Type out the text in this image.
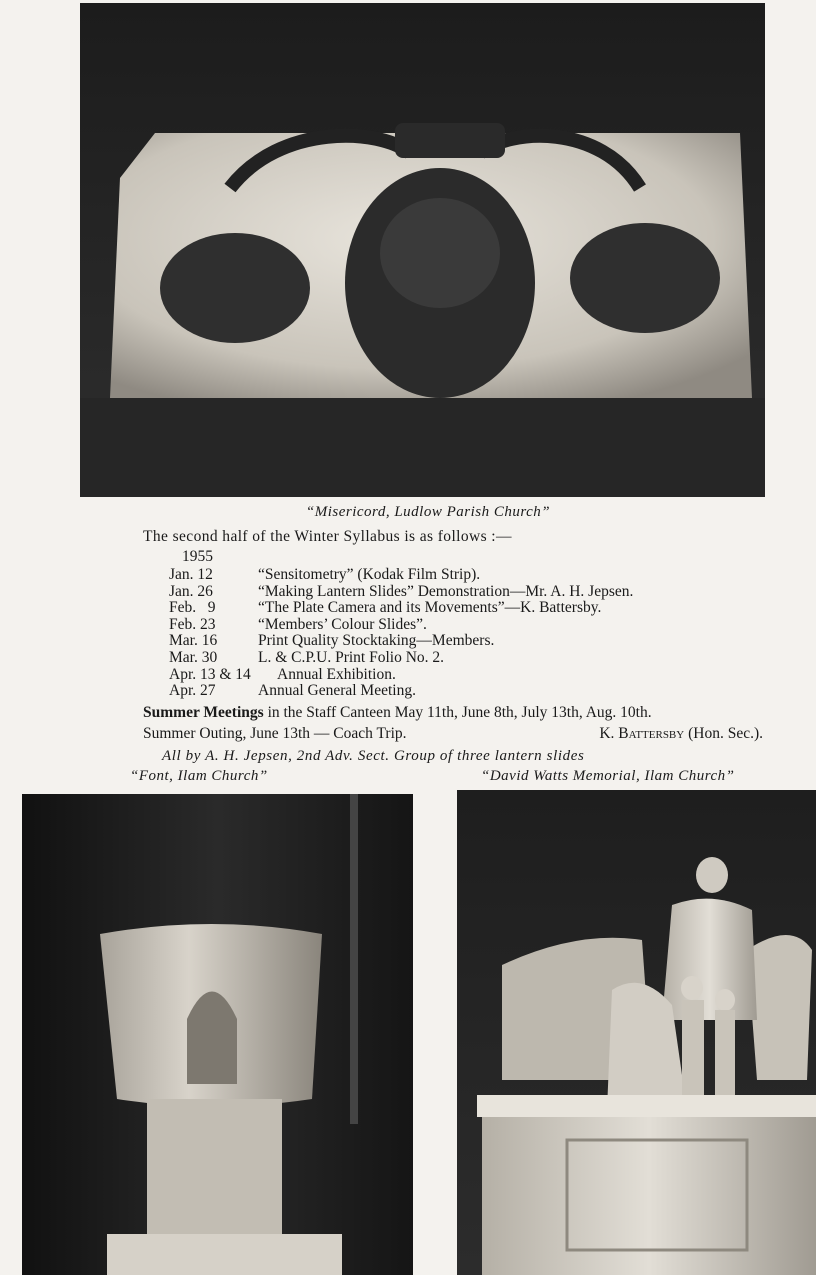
“Misericord, Ludlow Parish Church”
The second half of the Winter Syllabus is as follows :—
1955
Jan. 12	“Sensitometry” (Kodak Film Strip).
Jan. 26	“Making Lantern Slides” Demonstration—Mr. A. H. Jepsen.
Feb.   9	“The Plate Camera and its Movements”—K. Battersby.
Feb. 23	“Members’ Colour Slides”.
Mar. 16	Print Quality Stocktaking—Members.
Mar. 30	L. & C.P.U. Print Folio No. 2.
Apr. 13 & 14 Annual Exhibition.
Apr. 27	Annual General Meeting.
Summer Meetings in the Staff Canteen May 11th, June 8th, July 13th, Aug. 10th.
Summer Outing, June 13th — Coach Trip.	K. Battersby (Hon. Sec.).
All by A. H. Jepsen, 2nd Adv. Sect. Group of three lantern slides
“Font, Ilam Church”	“David Watts Memorial, Ilam Church”
